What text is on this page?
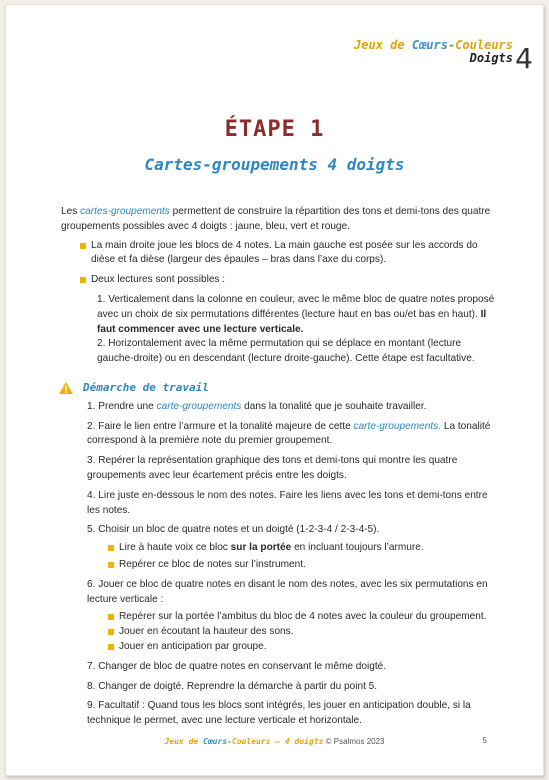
Jeux de Cœurs-Couleurs
Doigts 4
ÉTAPE 1
Cartes-groupements 4 doigts

Les cartes-groupements permettent de construire la répartition des tons et demi-tons des quatre groupements possibles avec 4 doigts : jaune, bleu, vert et rouge.

La main droite joue les blocs de 4 notes. La main gauche est posée sur les accords do dièse et fa dièse (largeur des épaules – bras dans l’axe du corps).

Deux lectures sont possibles :

1. Verticalement dans la colonne en couleur, avec le même bloc de quatre notes proposé avec un choix de six permutations différentes (lecture haut en bas ou/et bas en haut). Il faut commencer avec une lecture verticale.

2. Horizontalement avec la même permutation qui se déplace en montant (lecture gauche-droite) ou en descendant (lecture droite-gauche). Cette étape est facultative.

Démarche de travail

1. Prendre une carte-groupements dans la tonalité que je souhaite travailler.

2. Faire le lien entre l’armure et la tonalité majeure de cette carte-groupements. La tonalité correspond à la première note du premier groupement.

3. Repérer la représentation graphique des tons et demi-tons qui montre les quatre groupements avec leur écartement précis entre les doigts.

4. Lire juste en-dessous le nom des notes. Faire les liens avec les tons et demi-tons entre les notes.

5. Choisir un bloc de quatre notes et un doigté (1-2-3-4 / 2-3-4-5).

Lire à haute voix ce bloc sur la portée en incluant toujours l’armure.

Repérer ce bloc de notes sur l’instrument.

6. Jouer ce bloc de quatre notes en disant le nom des notes, avec les six permutations en lecture verticale :

Repérer sur la portée l’ambitus du bloc de 4 notes avec la couleur du groupement.

Jouer en écoutant la hauteur des sons.

Jouer en anticipation par groupe.

7. Changer de bloc de quatre notes en conservant le même doigté.

8. Changer de doigté. Reprendre la démarche à partir du point 5.

9. Facultatif : Quand tous les blocs sont intégrés, les jouer en anticipation double, si la technique le permet, avec une lecture verticale et horizontale.

Jeux de Cœurs-Couleurs – 4 doigts © Psalmos 2023	5
